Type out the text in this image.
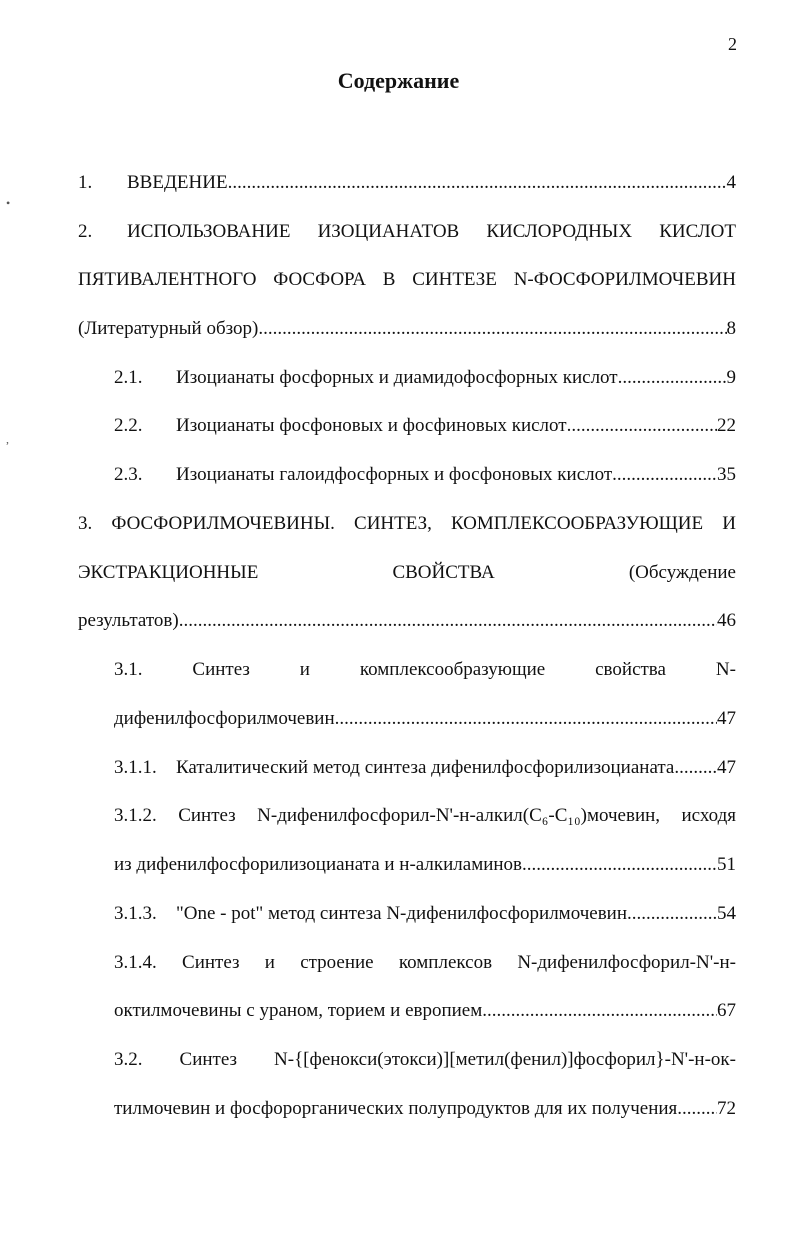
2
Содержание
•
,
1.	ВВЕДЕНИЕ .....	4
2. ИСПОЛЬЗОВАНИЕ ИЗОЦИАНАТОВ КИСЛОРОДНЫХ КИСЛОТ
ПЯТИВАЛЕНТНОГО ФОСФОРА В СИНТЕЗЕ N-ФОСФОРИЛМОЧЕВИН
(Литературный обзор) .....	8
2.1.	Изоцианаты фосфорных и диамидофосфорных кислот .....	9
2.2.	Изоцианаты фосфоновых и фосфиновых кислот .....	22
2.3.	Изоцианаты галоидфосфорных и фосфоновых кислот .....	35
3. ФОСФОРИЛМОЧЕВИНЫ. СИНТЕЗ, КОМПЛЕКСООБРАЗУЮЩИЕ И
ЭКСТРАКЦИОННЫЕ	СВОЙСТВА	(Обсуждение
результатов) .....	46
3.1.	Синтез	и	комплексообразующие	свойства	N-
дифенилфосфорилмочевин .....	47
3.1.1.	Каталитический метод синтеза дифенилфосфорилизоцианата ..... 47
3.1.2. Синтез N-дифенилфосфорил-N'-н-алкил(C₆-C₁₀)мочевин, исходя
из дифенилфосфорилизоцианата и н-алкиламинов .....	51
3.1.3.	"One - pot" метод синтеза N-дифенилфосфорилмочевин .....	54
3.1.4. Синтез и строение комплексов N-дифенилфосфорил-N'-н-
октилмочевины с ураном, торием и европием .....	67
3.2. Синтез N-{[фенокси(этокси)][метил(фенил)]фосфорил}-N'-н-ок-
тилмочевин и фосфорорганических полупродуктов для их получения ..... 72
